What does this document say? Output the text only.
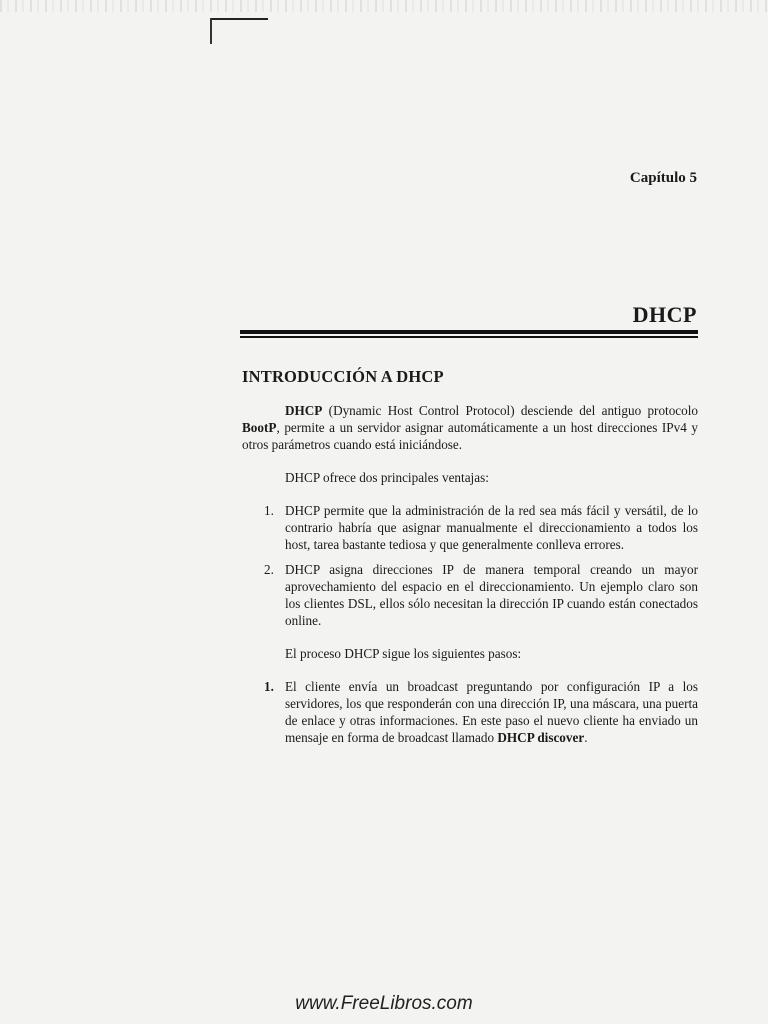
Capítulo 5
DHCP
INTRODUCCIÓN A DHCP

DHCP (Dynamic Host Control Protocol) desciende del antiguo protocolo BootP, permite a un servidor asignar automáticamente a un host direcciones IPv4 y otros parámetros cuando está iniciándose.

DHCP ofrece dos principales ventajas:

1. DHCP permite que la administración de la red sea más fácil y versátil, de lo contrario habría que asignar manualmente el direccionamiento a todos los host, tarea bastante tediosa y que generalmente conlleva errores.
2. DHCP asigna direcciones IP de manera temporal creando un mayor aprovechamiento del espacio en el direccionamiento. Un ejemplo claro son los clientes DSL, ellos sólo necesitan la dirección IP cuando están conectados online.

El proceso DHCP sigue los siguientes pasos:

1. El cliente envía un broadcast preguntando por configuración IP a los servidores, los que responderán con una dirección IP, una máscara, una puerta de enlace y otras informaciones. En este paso el nuevo cliente ha enviado un mensaje en forma de broadcast llamado DHCP discover.
www.FreeLibros.com
